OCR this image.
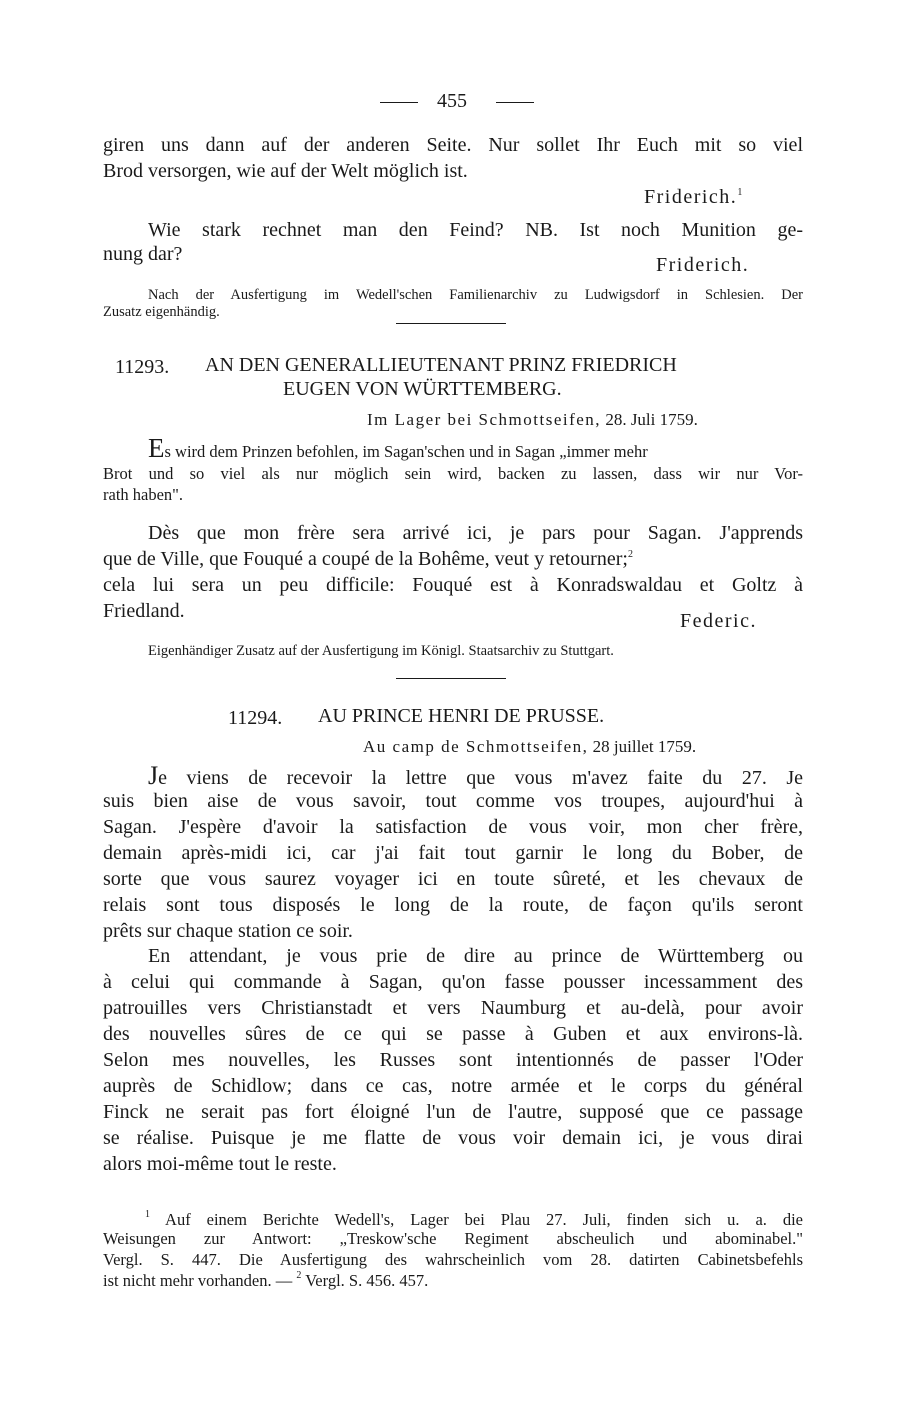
455
giren uns dann auf der anderen Seite. Nur sollet Ihr Euch mit so viel
Brod versorgen, wie auf der Welt möglich ist.
Friderich.$^1$
Wie stark rechnet man den Feind? NB. Ist noch Munition ge-
nung dar?	Friderich.
Nach der Ausfertigung im Wedell'schen Familienarchiv zu Ludwigsdorf in Schlesien. Der
Zusatz eigenhändig.
11293. AN DEN GENERALLIEUTENANT PRINZ FRIEDRICH
EUGEN VON WÜRTTEMBERG.
Im Lager bei Schmottseifen, 28. Juli 1759.
Es wird dem Prinzen befohlen, im Sagan'schen und in Sagan „immer mehr
Brot und so viel als nur möglich sein wird, backen zu lassen, dass wir nur Vor-
rath haben".
Dès que mon frère sera arrivé ici, je pars pour Sagan. J'apprends
que de Ville, que Fouqué a coupé de la Bohême, veut y retourner;$^2$
cela lui sera un peu difficile: Fouqué est à Konradswaldau et Goltz à
Friedland.	Federic.
Eigenhändiger Zusatz auf der Ausfertigung im Königl. Staatsarchiv zu Stuttgart.
11294. AU PRINCE HENRI DE PRUSSE.
Au camp de Schmottseifen, 28 juillet 1759.
Je viens de recevoir la lettre que vous m'avez faite du 27. Je
suis bien aise de vous savoir, tout comme vos troupes, aujourd'hui à
Sagan. J'espère d'avoir la satisfaction de vous voir, mon cher frère,
demain après-midi ici, car j'ai fait tout garnir le long du Bober, de
sorte que vous saurez voyager ici en toute sûreté, et les chevaux de
relais sont tous disposés le long de la route, de façon qu'ils seront
prêts sur chaque station ce soir.
En attendant, je vous prie de dire au prince de Württemberg ou
à celui qui commande à Sagan, qu'on fasse pousser incessamment des
patrouilles vers Christianstadt et vers Naumburg et au-delà, pour avoir
des nouvelles sûres de ce qui se passe à Guben et aux environs-là.
Selon mes nouvelles, les Russes sont intentionnés de passer l'Oder
auprès de Schidlow; dans ce cas, notre armée et le corps du général
Finck ne serait pas fort éloigné l'un de l'autre, supposé que ce passage
se réalise. Puisque je me flatte de vous voir demain ici, je vous dirai
alors moi-même tout le reste.
$^1$ Auf einem Berichte Wedell's, Lager bei Plau 27. Juli, finden sich u. a. die
Weisungen zur Antwort: „Treskow'sche Regiment abscheulich und abominabel."
Vergl. S. 447. Die Ausfertigung des wahrscheinlich vom 28. datirten Cabinetsbefehls
ist nicht mehr vorhanden. — $^2$ Vergl. S. 456. 457.
